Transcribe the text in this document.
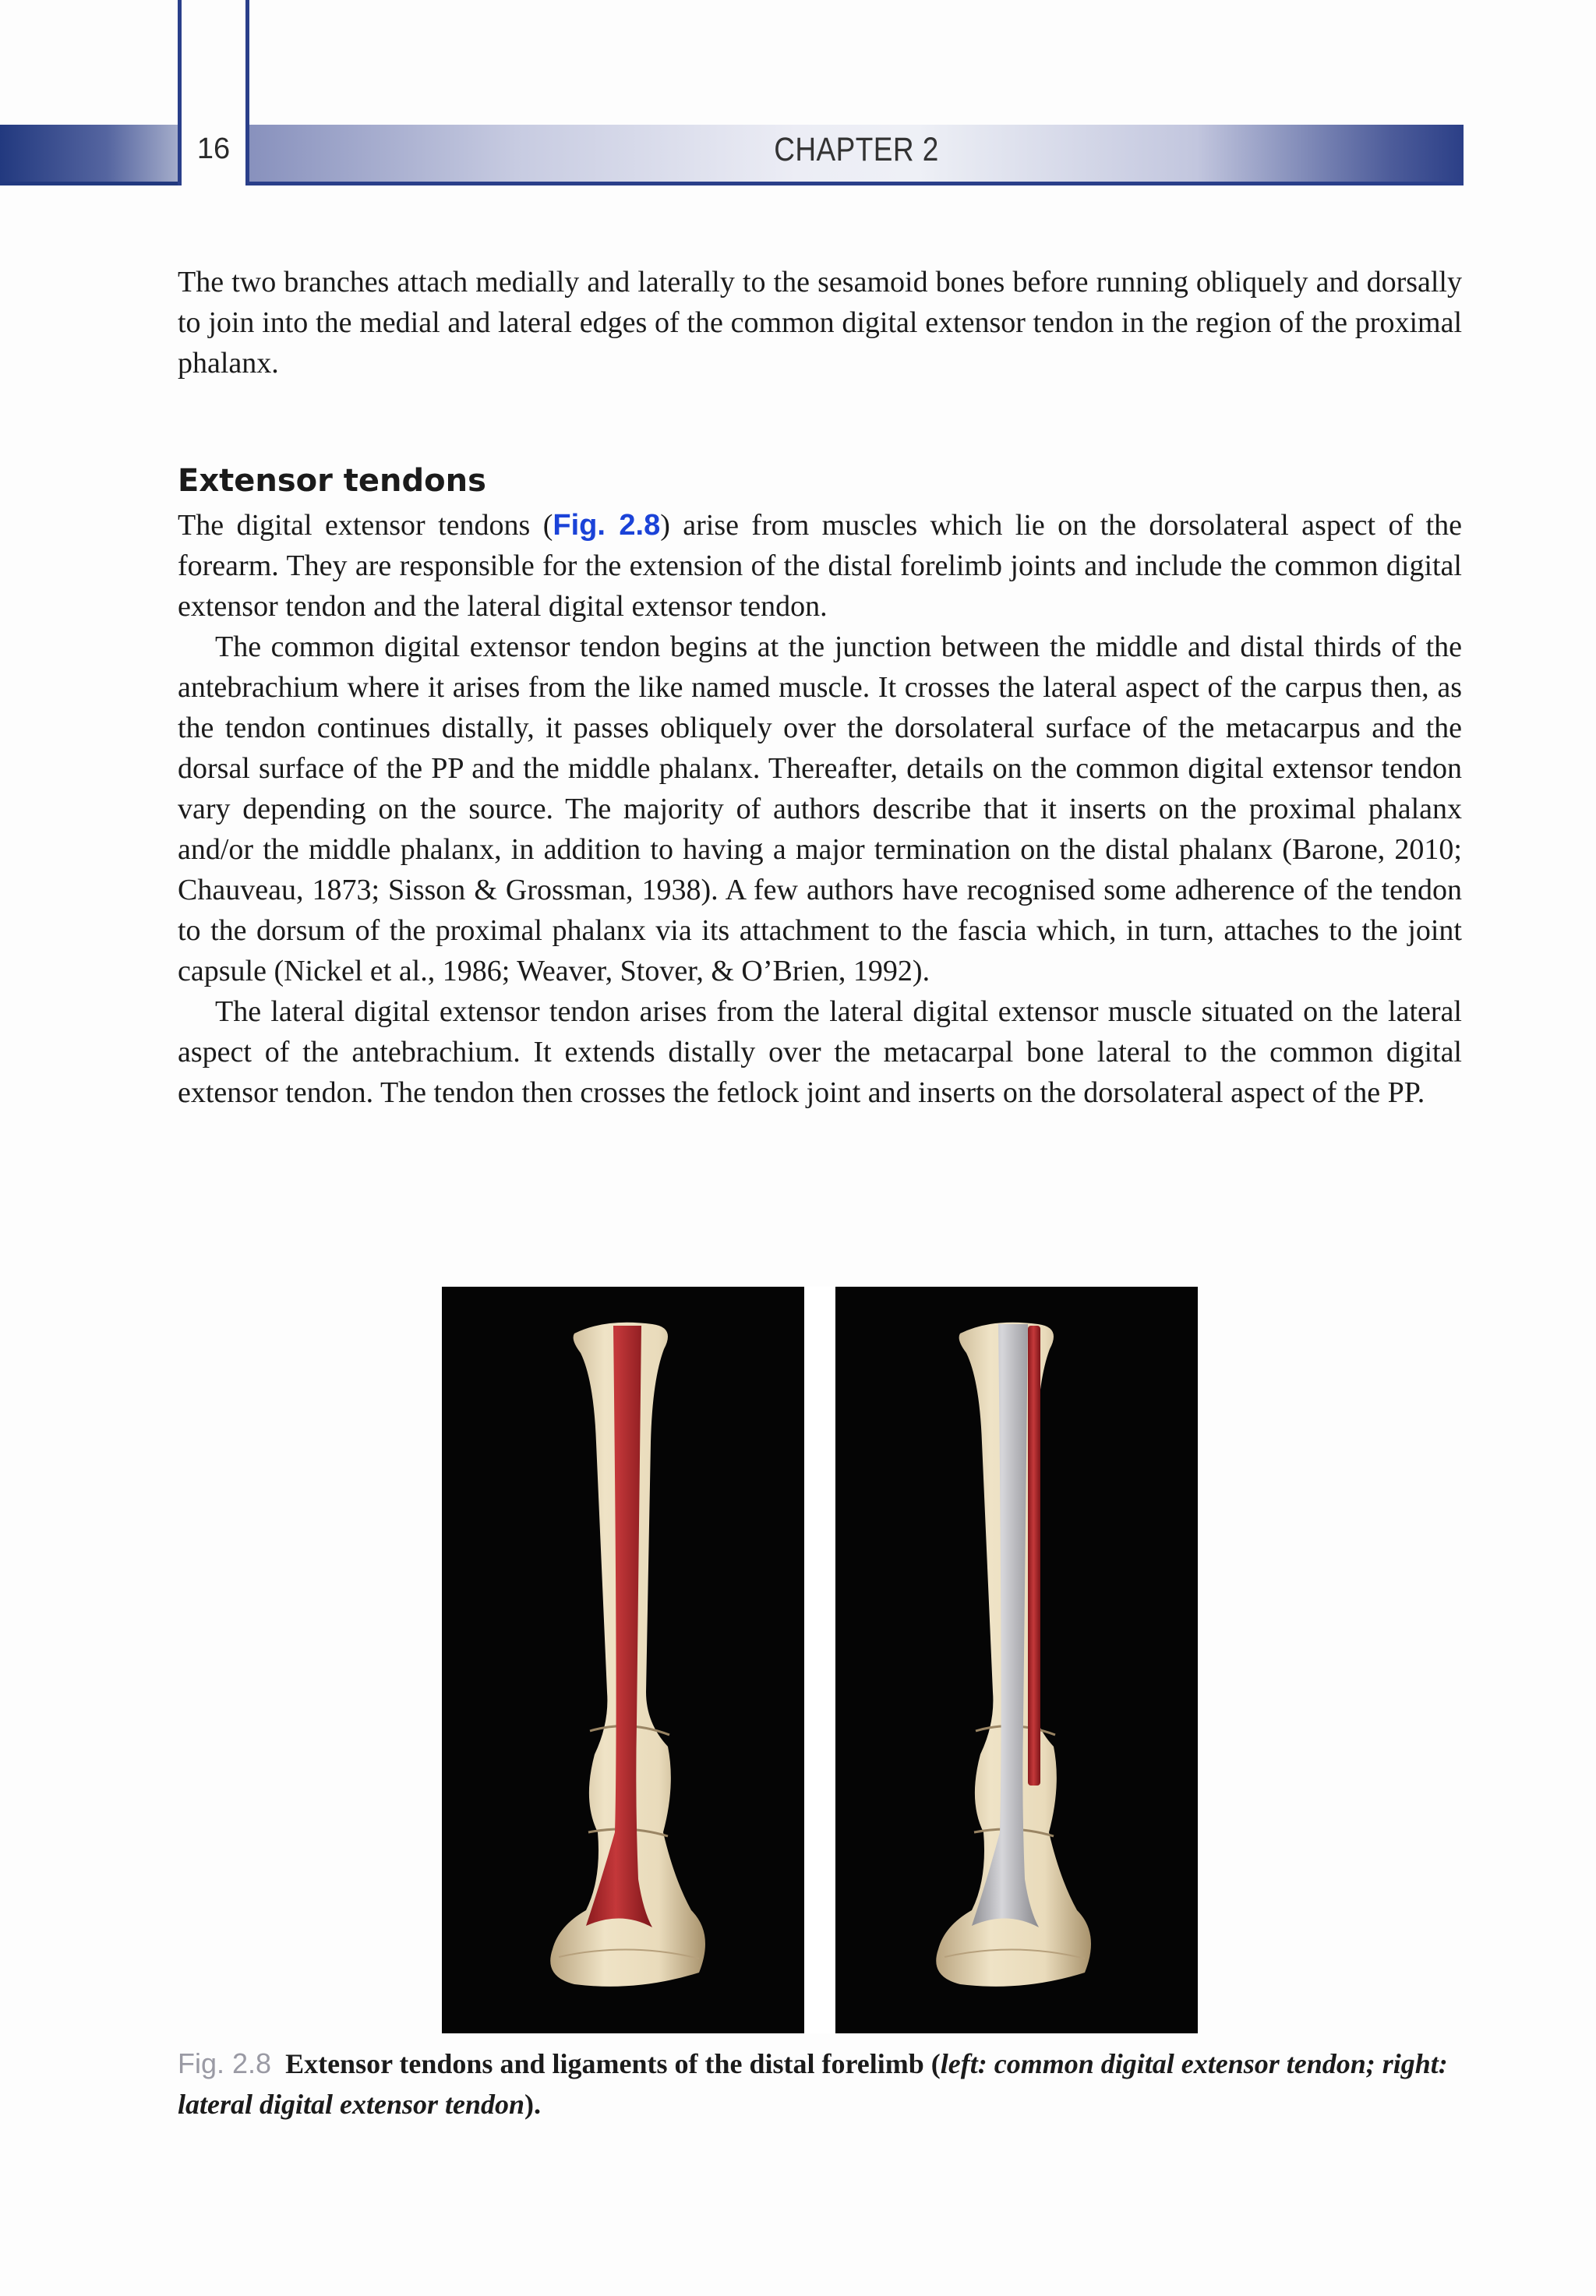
16	CHAPTER 2

The two branches attach medially and laterally to the sesamoid bones before running obliquely and dorsally to join into the medial and lateral edges of the common digital extensor tendon in the region of the proximal phalanx.

Extensor tendons

The digital extensor tendons (Fig. 2.8) arise from muscles which lie on the dorsolateral aspect of the forearm. They are responsible for the extension of the distal forelimb joints and include the common digital extensor tendon and the lateral digital extensor tendon.

The common digital extensor tendon begins at the junction between the middle and distal thirds of the antebrachium where it arises from the like named muscle. It crosses the lateral aspect of the carpus then, as the tendon continues distally, it passes obliquely over the dorsolateral surface of the metacarpus and the dorsal surface of the PP and the middle phalanx. Thereafter, details on the common digital extensor tendon vary depending on the source. The majority of authors describe that it inserts on the proximal phalanx and/or the middle phalanx, in addition to having a major termination on the distal phalanx (Barone, 2010; Chauveau, 1873; Sisson & Grossman, 1938). A few authors have recognised some adherence of the tendon to the dorsum of the proximal phalanx via its attachment to the fascia which, in turn, attaches to the joint capsule (Nickel et al., 1986; Weaver, Stover, & O’Brien, 1992).

The lateral digital extensor tendon arises from the lateral digital extensor muscle situated on the lateral aspect of the antebrachium. It extends distally over the metacarpal bone lateral to the common digital extensor tendon. The tendon then crosses the fetlock joint and inserts on the dorsolateral aspect of the PP.

Fig. 2.8 Extensor tendons and ligaments of the distal forelimb (left: common digital extensor tendon; right: lateral digital extensor tendon).
